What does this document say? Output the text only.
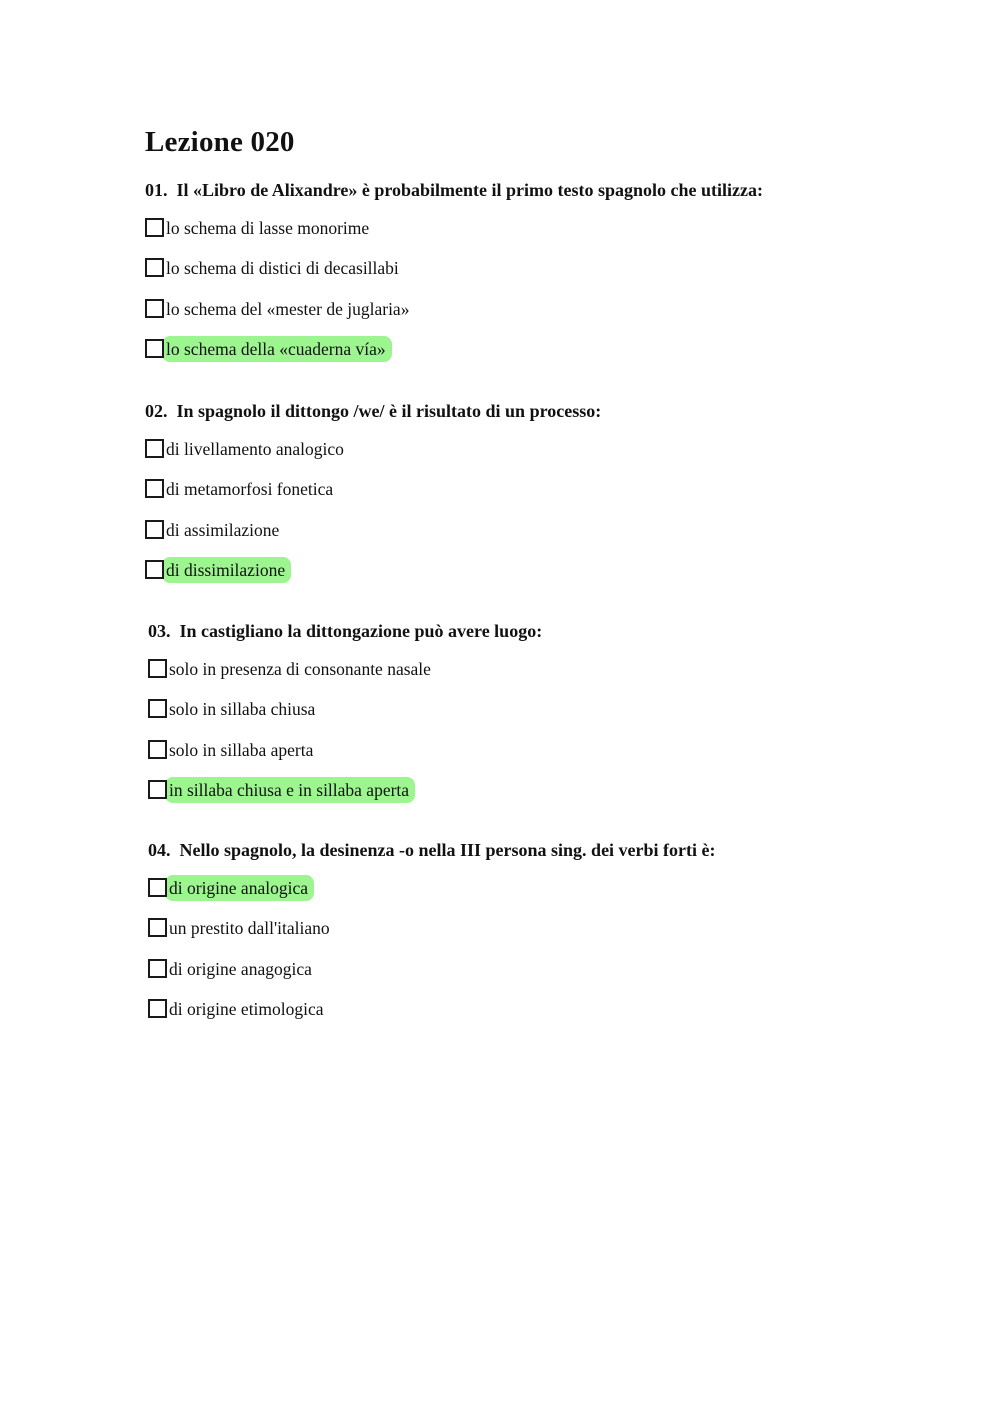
Lezione 020

01. Il «Libro de Alixandre» è probabilmente il primo testo spagnolo che utilizza:

lo schema di lasse monorime
lo schema di distici di decasillabi
lo schema del «mester de juglaria»
lo schema della «cuaderna vía»

02. In spagnolo il dittongo /we/ è il risultato di un processo:

di livellamento analogico
di metamorfosi fonetica
di assimilazione
di dissimilazione

03. In castigliano la dittongazione può avere luogo:

solo in presenza di consonante nasale
solo in sillaba chiusa
solo in sillaba aperta
in sillaba chiusa e in sillaba aperta

04. Nello spagnolo, la desinenza -o nella III persona sing. dei verbi forti è:

di origine analogica
un prestito dall'italiano
di origine anagogica
di origine etimologica
